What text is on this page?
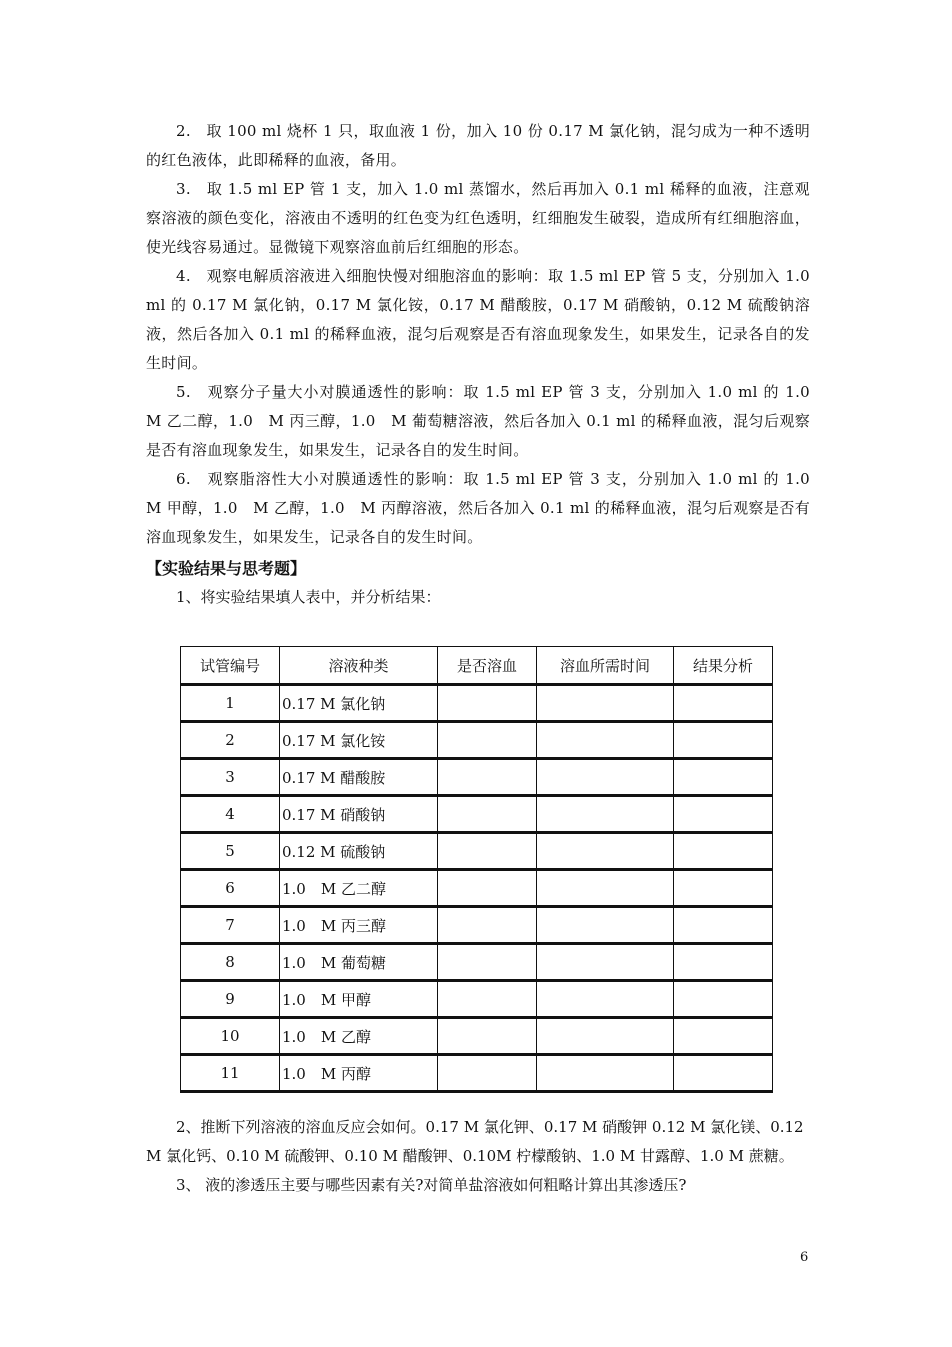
2.　取 100 ml 烧杯 1 只，取血液 1 份，加入 10 份 0.17 M 氯化钠，混匀成为一种不透明的红色液体，此即稀释的血液，备用。

3.　取 1.5 ml EP 管 1 支，加入 1.0 ml 蒸馏水，然后再加入 0.1 ml 稀释的血液，注意观察溶液的颜色变化，溶液由不透明的红色变为红色透明，红细胞发生破裂，造成所有红细胞溶血，使光线容易通过。显微镜下观察溶血前后红细胞的形态。

4.　观察电解质溶液进入细胞快慢对细胞溶血的影响：取 1.5 ml EP 管 5 支，分别加入 1.0 ml 的 0.17 M 氯化钠，0.17 M 氯化铵，0.17 M 醋酸胺，0.17 M 硝酸钠，0.12 M 硫酸钠溶液，然后各加入 0.1 ml 的稀释血液，混匀后观察是否有溶血现象发生，如果发生，记录各自的发生时间。

5.　观察分子量大小对膜通透性的影响：取 1.5 ml EP 管 3 支，分别加入 1.0 ml 的 1.0　M 乙二醇，1.0　M 丙三醇，1.0　M 葡萄糖溶液，然后各加入 0.1 ml 的稀释血液，混匀后观察是否有溶血现象发生，如果发生，记录各自的发生时间。

6.　观察脂溶性大小对膜通透性的影响：取 1.5 ml EP 管 3 支，分别加入 1.0 ml 的 1.0　M 甲醇，1.0　M 乙醇，1.0　M 丙醇溶液，然后各加入 0.1 ml 的稀释血液，混匀后观察是否有溶血现象发生，如果发生，记录各自的发生时间。

【实验结果与思考题】

1、将实验结果填人表中，并分析结果：

试管编号	溶液种类	是否溶血	溶血所需时间	结果分析
1	0.17 M 氯化钠			
2	0.17 M 氯化铵			
3	0.17 M 醋酸胺			
4	0.17 M 硝酸钠			
5	0.12 M 硫酸钠			
6	1.0　M 乙二醇			
7	1.0　M 丙三醇			
8	1.0　M 葡萄糖			
9	1.0　M 甲醇			
10	1.0　M 乙醇			
11	1.0　M 丙醇			

2、推断下列溶液的溶血反应会如何。0.17 M 氯化钾、0.17 M 硝酸钾 0.12 M 氯化镁、0.12 M 氯化钙、0.10 M 硫酸钾、0.10 M 醋酸钾、0.10M 柠檬酸钠、1.0 M 甘露醇、1.0 M 蔗糖。

3、 液的渗透压主要与哪些因素有关?对简单盐溶液如何粗略计算出其渗透压?

6
